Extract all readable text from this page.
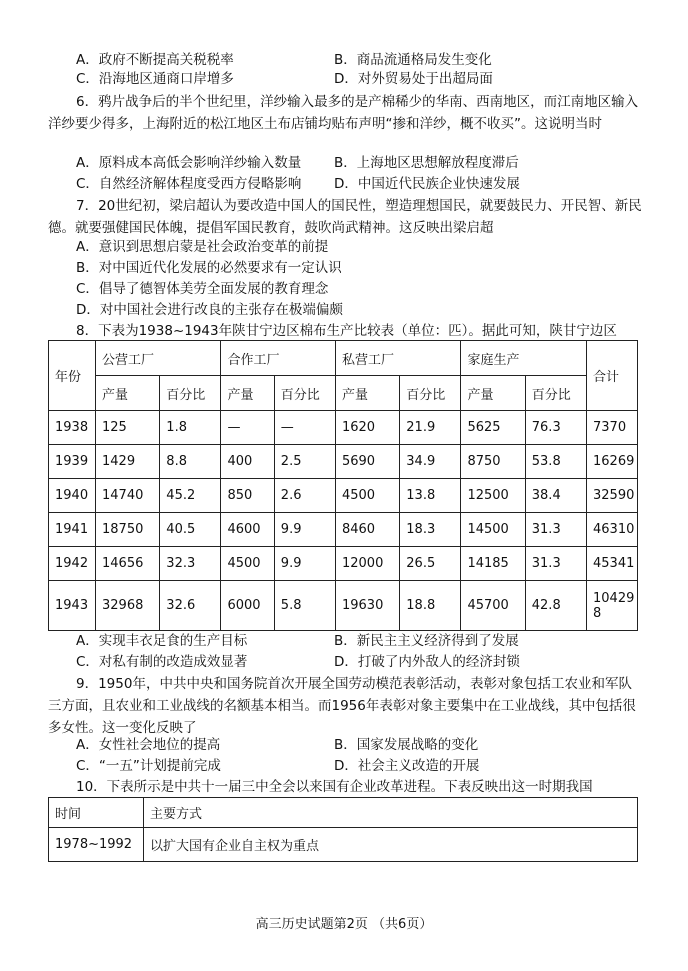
A．政府不断提高关税税率	B．商品流通格局发生变化
C．沿海地区通商口岸增多	D．对外贸易处于出超局面
6．鸦片战争后的半个世纪里，洋纱输入最多的是产棉稀少的华南、西南地区，而江南地区输入洋纱要少得多，上海附近的松江地区土布店铺均贴布声明“掺和洋纱，概不收买”。这说明当时
A．原料成本高低会影响洋纱输入数量 B．上海地区思想解放程度滞后
C．自然经济解体程度受西方侵略影响 D．中国近代民族企业快速发展
7．20世纪初，梁启超认为要改造中国人的国民性，塑造理想国民，就要鼓民力、开民智、新民德。就要强健国民体魄，提倡军国民教育，鼓吹尚武精神。这反映出梁启超
A．意识到思想启蒙是社会政治变革的前提
B．对中国近代化发展的必然要求有一定认识
C．倡导了德智体美劳全面发展的教育理念
D．对中国社会进行改良的主张存在极端偏颇
8．下表为1938~1943年陕甘宁边区棉布生产比较表（单位：匹）。据此可知，陕甘宁边区
年份	公营工厂		合作工厂		私营工厂		家庭生产		合计
	产量	百分比	产量	百分比	产量	百分比	产量	百分比	
1938	125	1.8	—	—	1620	21.9	5625	76.3	7370
1939	1429	8.8	400	2.5	5690	34.9	8750	53.8	16269
1940	14740	45.2	850	2.6	4500	13.8	12500	38.4	32590
1941	18750	40.5	4600	9.9	8460	18.3	14500	31.3	46310
1942	14656	32.3	4500	9.9	12000	26.5	14185	31.3	45341
1943	32968	32.6	6000	5.8	19630	18.8	45700	42.8	104298
A．实现丰衣足食的生产目标	B．新民主主义经济得到了发展
C．对私有制的改造成效显著	D．打破了内外敌人的经济封锁
9．1950年，中共中央和国务院首次开展全国劳动模范表彰活动，表彰对象包括工农业和军队三方面，且农业和工业战线的名额基本相当。而1956年表彰对象主要集中在工业战线，其中包括很多女性。这一变化反映了
A．女性社会地位的提高	B．国家发展战略的变化
C．“一五”计划提前完成	D．社会主义改造的开展
10．下表所示是中共十一届三中全会以来国有企业改革进程。下表反映出这一时期我国
时间	主要方式
1978~1992	以扩大国有企业自主权为重点
高三历史试题第2页 （共6页）
